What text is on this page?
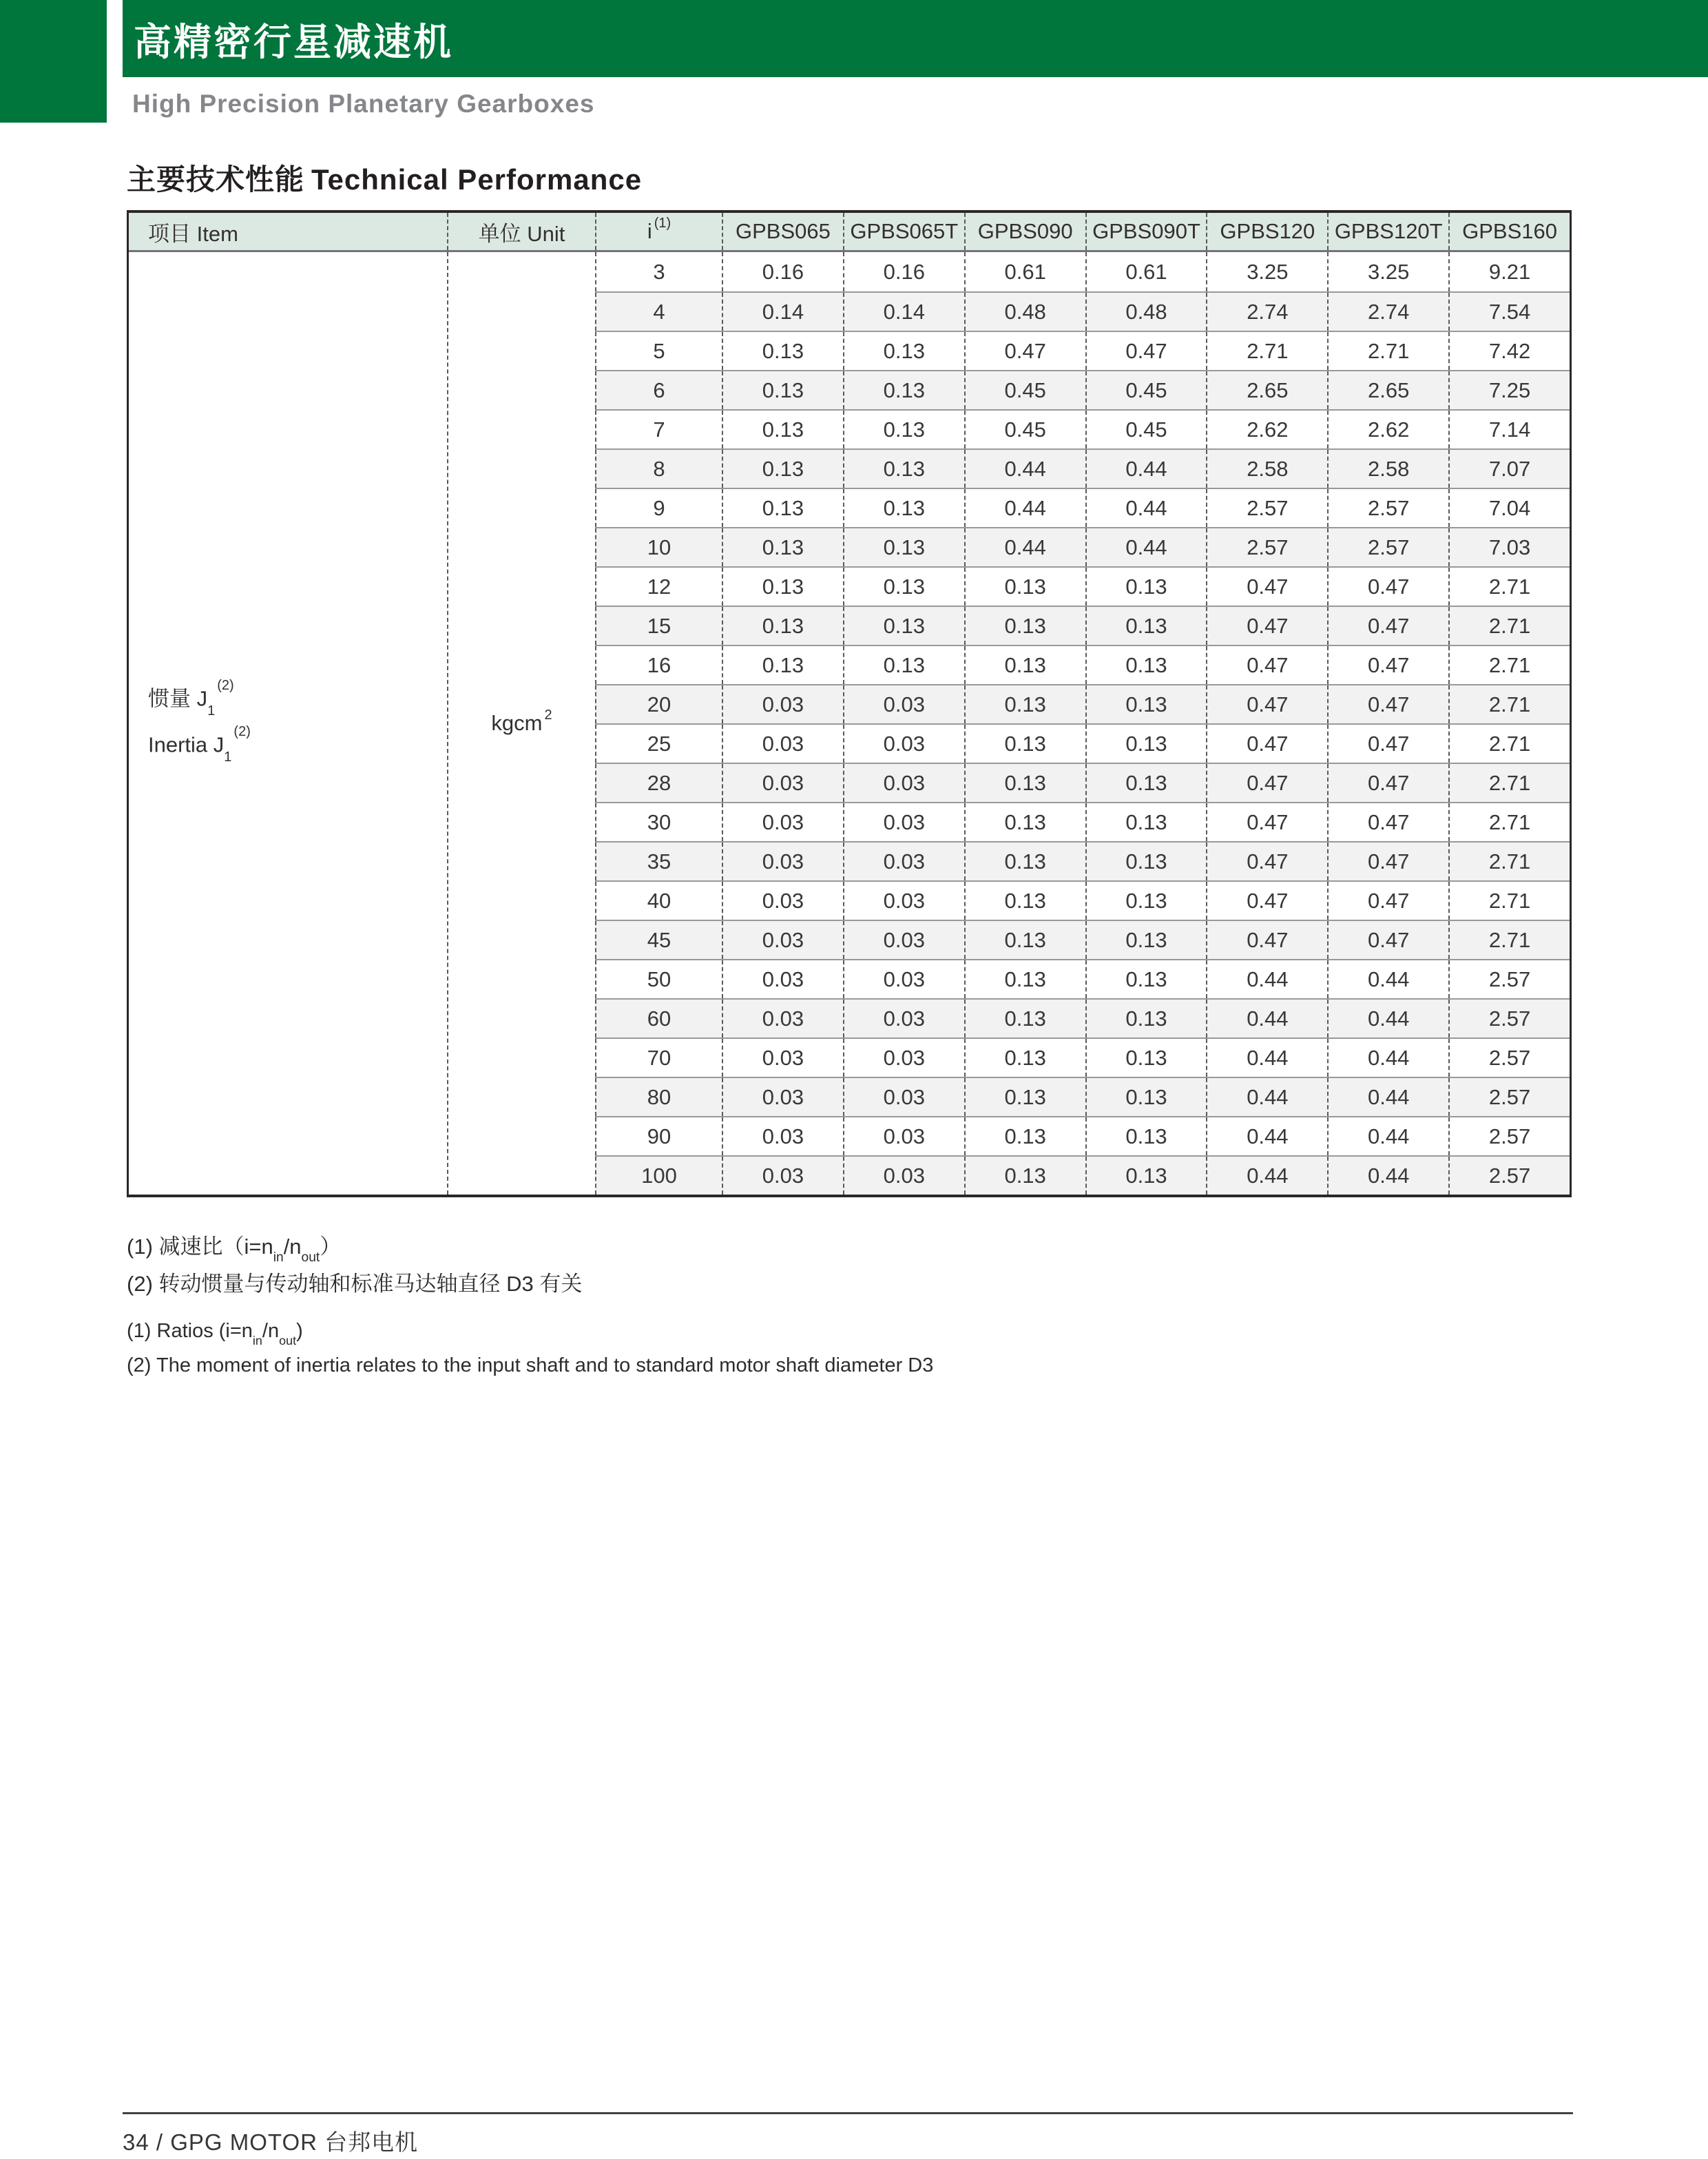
高精密行星减速机
High Precision Planetary Gearboxes
主要技术性能 Technical Performance
项目 Item	单位 Unit	$i^{(1)}$	GPBS065 GPBS065T GPBS090 GPBS090T GPBS120 GPBS120T GPBS160
惯量 $J_1^{(2)}$
Inertia $J_1^{(2)}$	kgcm$^2$
3	0.16	0.16	0.61	0.61	3.25	3.25	9.21
4	0.14	0.14	0.48	0.48	2.74	2.74	7.54
5	0.13	0.13	0.47	0.47	2.71	2.71	7.42
6	0.13	0.13	0.45	0.45	2.65	2.65	7.25
7	0.13	0.13	0.45	0.45	2.62	2.62	7.14
8	0.13	0.13	0.44	0.44	2.58	2.58	7.07
9	0.13	0.13	0.44	0.44	2.57	2.57	7.04
10	0.13	0.13	0.44	0.44	2.57	2.57	7.03
12	0.13	0.13	0.13	0.13	0.47	0.47	2.71
15	0.13	0.13	0.13	0.13	0.47	0.47	2.71
16	0.13	0.13	0.13	0.13	0.47	0.47	2.71
20	0.03	0.03	0.13	0.13	0.47	0.47	2.71
25	0.03	0.03	0.13	0.13	0.47	0.47	2.71
28	0.03	0.03	0.13	0.13	0.47	0.47	2.71
30	0.03	0.03	0.13	0.13	0.47	0.47	2.71
35	0.03	0.03	0.13	0.13	0.47	0.47	2.71
40	0.03	0.03	0.13	0.13	0.47	0.47	2.71
45	0.03	0.03	0.13	0.13	0.47	0.47	2.71
50	0.03	0.03	0.13	0.13	0.44	0.44	2.57
60	0.03	0.03	0.13	0.13	0.44	0.44	2.57
70	0.03	0.03	0.13	0.13	0.44	0.44	2.57
80	0.03	0.03	0.13	0.13	0.44	0.44	2.57
90	0.03	0.03	0.13	0.13	0.44	0.44	2.57
100	0.03	0.03	0.13	0.13	0.44	0.44	2.57
(1) 减速比$(i=n_{in}/n_{out})$
(2) 转动惯量与传动轴和标准马达轴直径 D3 有关
(1) Ratios $(i=n_{in}/n_{out})$
(2) The moment of inertia relates to the input shaft and to standard motor shaft diameter D3
34 / GPG MOTOR 台邦电机
